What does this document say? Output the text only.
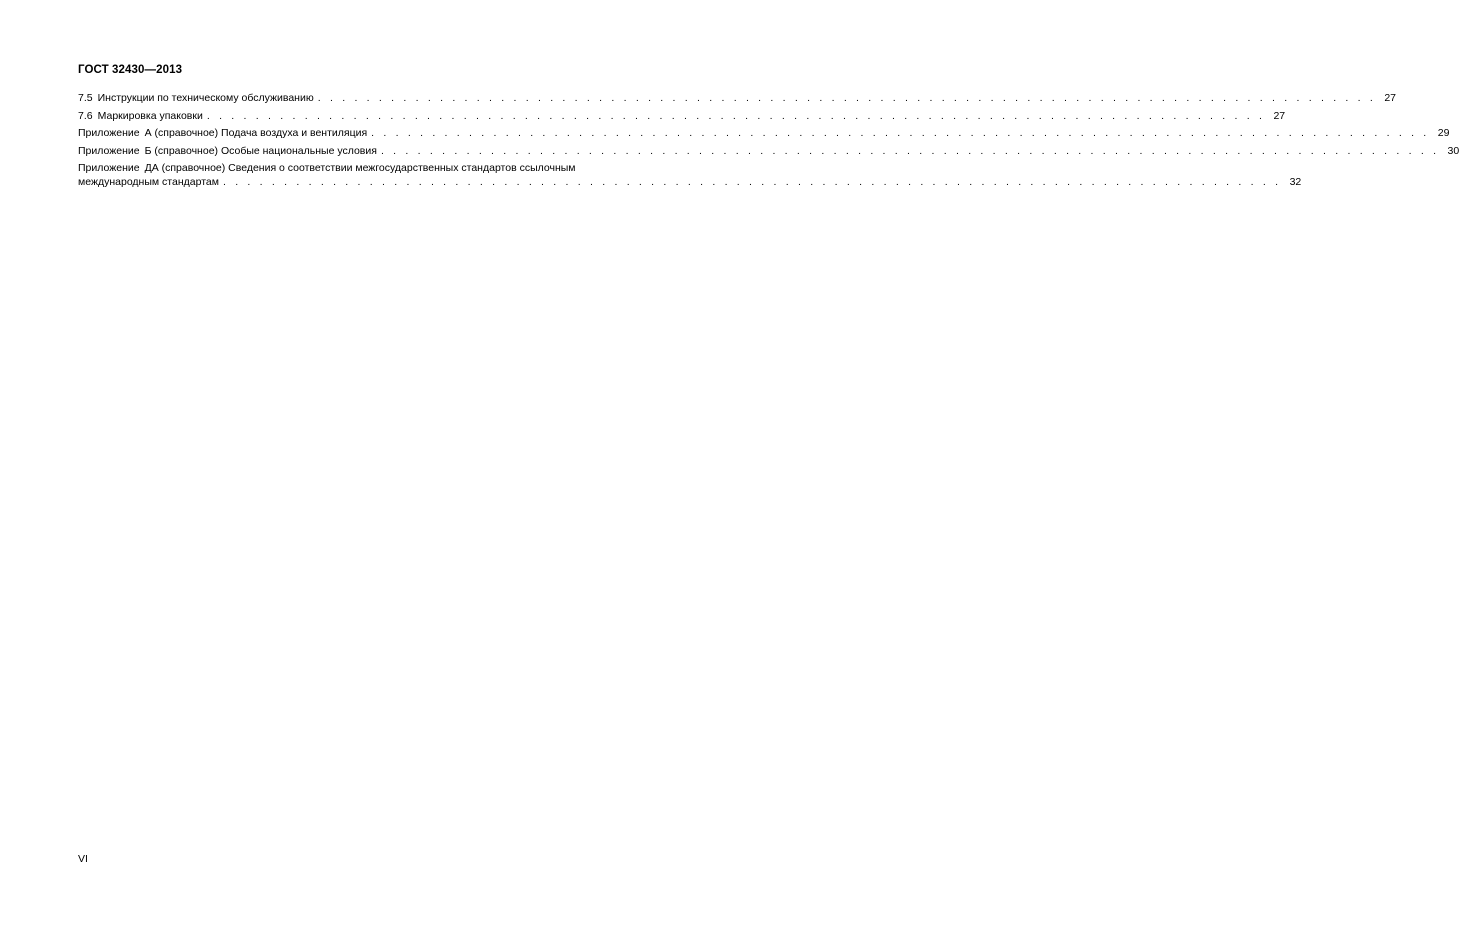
ГОСТ 32430—2013
7.5 Инструкции по техническому обслуживанию . . . . . . . . . . . . . . . . . . . . . . . . . . . . . . . . . . . . . . . . . . . . . . . . . . . . . . . . . . . . . . . . . . . . . . . . . . . . . . . . . . . . . . . 27
7.6 Маркировка упаковки . . . . . . . . . . . . . . . . . . . . . . . . . . . . . . . . . . . . . . . . . . . . . . . . . . . . . . . . . . . . . . . . . . . . . . . . . . . . . . . . . . . . . . . 27
Приложение А (справочное) Подача воздуха и вентиляция . . . . . . . . . . . . . . . . . . . . . . . . . . . . . . . . . . . . . . . . . . . . . . . . . . . . . . . . . . . . . . . . . . . . . . . . . . . . . . . . . . . . . . . 29
Приложение Б (справочное) Особые национальные условия . . . . . . . . . . . . . . . . . . . . . . . . . . . . . . . . . . . . . . . . . . . . . . . . . . . . . . . . . . . . . . . . . . . . . . . . . . . . . . . . . . . . . . . 30
Приложение ДА (справочное) Сведения о соответствии межгосударственных стандартов ссылочным
международным стандартам . . . . . . . . . . . . . . . . . . . . . . . . . . . . . . . . . . . . . . . . . . . . . . . . . . . . . . . . . . . . . . . . . . . . . . . . . . . . . . . . . . . . . . . 32
VI
